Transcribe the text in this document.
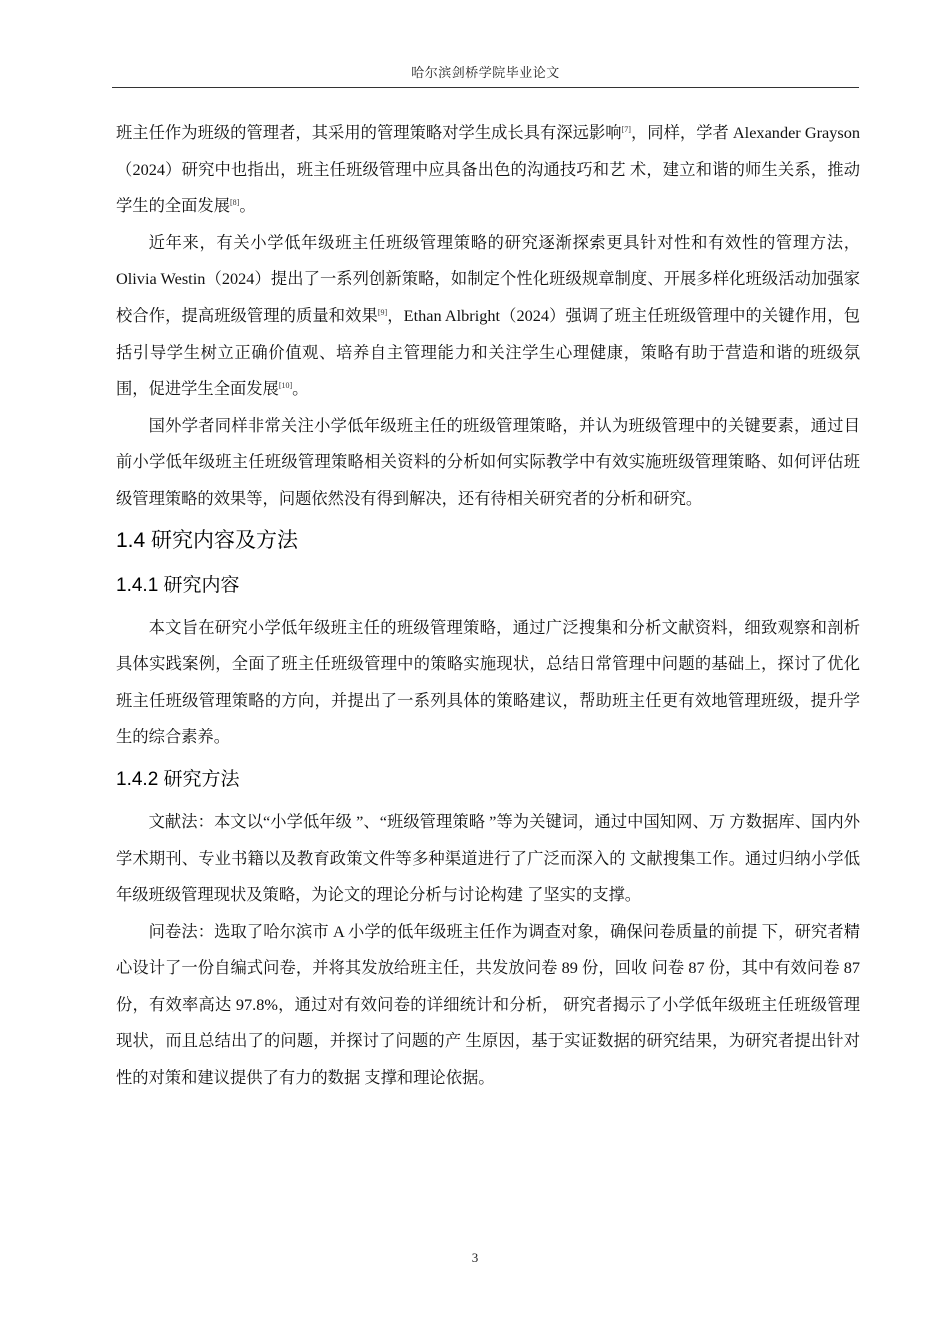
哈尔滨剑桥学院毕业论文

班主任作为班级的管理者，其采用的管理策略对学生成长具有深远影响[7]，同样，学者 Alexander Grayson（2024）研究中也指出，班主任班级管理中应具备出色的沟通技巧和艺 术，建立和谐的师生关系，推动学生的全面发展[8]。

近年来，有关小学低年级班主任班级管理策略的研究逐渐探索更具针对性和有效性的管理方法，Olivia Westin（2024）提出了一系列创新策略，如制定个性化班级规章制度、开展多样化班级活动加强家校合作，提高班级管理的质量和效果[9]，Ethan Albright（2024）强调了班主任班级管理中的关键作用，包括引导学生树立正确价值观、培养自主管理能力和关注学生心理健康，策略有助于营造和谐的班级氛围，促进学生全面发展[10]。

国外学者同样非常关注小学低年级班主任的班级管理策略，并认为班级管理中的关键要素，通过目前小学低年级班主任班级管理策略相关资料的分析如何实际教学中有效实施班级管理策略、如何评估班级管理策略的效果等，问题依然没有得到解决，还有待相关研究者的分析和研究。

1.4 研究内容及方法
1.4.1 研究内容

本文旨在研究小学低年级班主任的班级管理策略，通过广泛搜集和分析文献资料，细致观察和剖析具体实践案例，全面了班主任班级管理中的策略实施现状，总结日常管理中问题的基础上，探讨了优化班主任班级管理策略的方向，并提出了一系列具体的策略建议，帮助班主任更有效地管理班级，提升学生的综合素养。

1.4.2 研究方法

文献法：本文以“小学低年级 ”、“班级管理策略 ”等为关键词，通过中国知网、万 方数据库、国内外学术期刊、专业书籍以及教育政策文件等多种渠道进行了广泛而深入的 文献搜集工作。通过归纳小学低年级班级管理现状及策略，为论文的理论分析与讨论构建 了坚实的支撑。

问卷法：选取了哈尔滨市 A 小学的低年级班主任作为调查对象，确保问卷质量的前提 下，研究者精心设计了一份自编式问卷，并将其发放给班主任，共发放问卷 89 份，回收 问卷 87 份，其中有效问卷 87 份，有效率高达 97.8%，通过对有效问卷的详细统计和分析， 研究者揭示了小学低年级班主任班级管理现状，而且总结出了的问题，并探讨了问题的产 生原因，基于实证数据的研究结果，为研究者提出针对性的对策和建议提供了有力的数据 支撑和理论依据。

3
